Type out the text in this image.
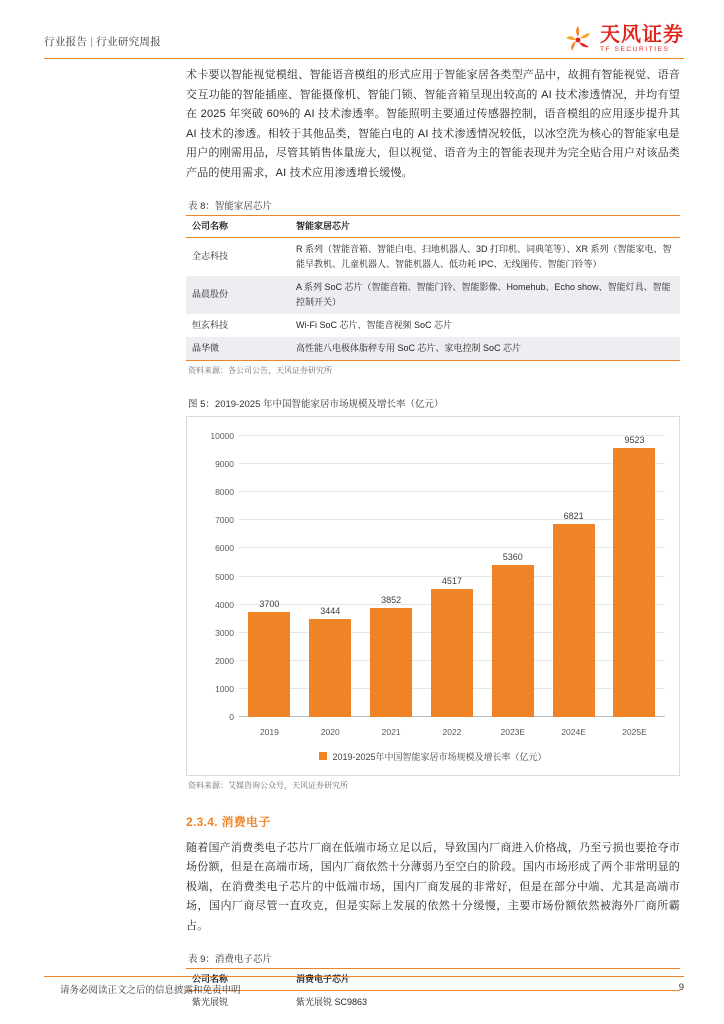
行业报告 | 行业研究周报	天风证券
TF SECURITIES

术卡要以智能视觉模组、智能语音模组的形式应用于智能家居各类型产品中，故拥有智能视觉、语音交互功能的智能插座、智能摄像机、智能门锁、智能音箱呈现出较高的 AI 技术渗透情况，并均有望在 2025 年突破 60%的 AI 技术渗透率。智能照明主要通过传感器控制，语音模组的应用逐步提升其 AI 技术的渗透。相较于其他品类，智能白电的 AI 技术渗透情况较低，以冰空洗为核心的智能家电是用户的刚需用品，尽管其销售体量庞大，但以视觉、语音为主的智能表现并为完全贴合用户对该品类产品的使用需求，AI 技术应用渗透增长缓慢。

表 8：智能家居芯片
公司名称	智能家居芯片
全志科技	R 系列（智能音箱、智能白电、扫地机器人、3D 打印机、词典笔等）、XR 系列（智能家电、智能早教机、儿童机器人、智能机器人、低功耗 IPC、无线图传、智能门铃等）
晶晨股份	A 系列 SoC 芯片（智能音箱、智能门铃、智能影像、Homehub、Echo show、智能灯具、智能控制开关）
恒玄科技	Wi-Fi SoC 芯片、智能音视频 SoC 芯片
晶华微	高性能八电极体脂秤专用 SoC 芯片、家电控制 SoC 芯片
资料来源：各公司公告，天风证券研究所
图 5：2019-2025 年中国智能家居市场规模及增长率（亿元）
10000
9000
8000
7000
6000
5000
4000
3000
2000
1000
0
3700
3444
3852
4517
5360
6821
9523
2019	2020	2021	2022	2023E	2024E	2025E
2019-2025年中国智能家居市场规模及增长率（亿元）
资料来源：艾媒咨询公众号，天风证券研究所
2.3.4. 消费电子

随着国产消费类电子芯片厂商在低端市场立足以后，导致国内厂商进入价格战，乃至亏损也要抢夺市场份额，但是在高端市场，国内厂商依然十分薄弱乃至空白的阶段。国内市场形成了两个非常明显的极端，在消费类电子芯片的中低端市场，国内厂商发展的非常好，但是在部分中端、尤其是高端市场，国内厂商尽管一直攻克，但是实际上发展的依然十分缓慢，主要市场份额依然被海外厂商所霸占。

表 9：消费电子芯片
公司名称	消费电子芯片
紫光展锐	紫光展锐 SC9863
请务必阅读正文之后的信息披露和免责申明	9
